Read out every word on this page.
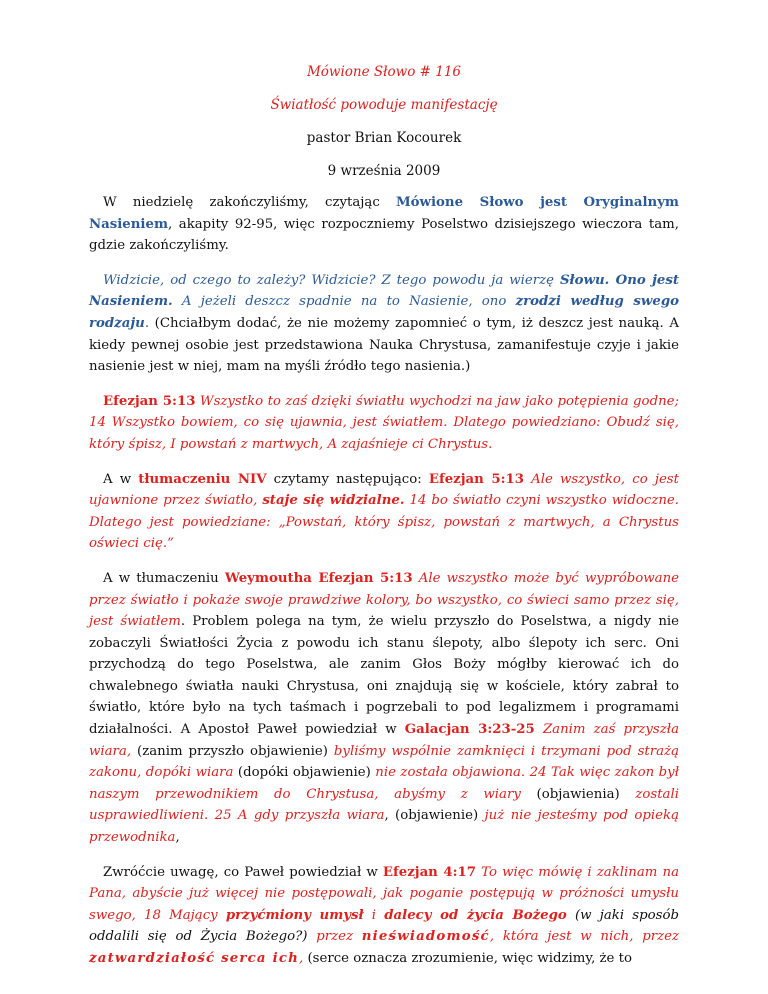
Mówione Słowo # 116

Światłość powoduje manifestację

pastor Brian Kocourek

9 września 2009

W niedzielę zakończyliśmy, czytając Mówione Słowo jest Oryginalnym Nasieniem, akapity 92-95, więc rozpoczniemy Poselstwo dzisiejszego wieczora tam, gdzie zakończyliśmy.

Widzicie, od czego to zależy? Widzicie? Z tego powodu ja wierzę Słowu. Ono jest Nasieniem. A jeżeli deszcz spadnie na to Nasienie, ono zrodzi według swego rodzaju. (Chciałbym dodać, że nie możemy zapomnieć o tym, iż deszcz jest nauką. A kiedy pewnej osobie jest przedstawiona Nauka Chrystusa, zamanifestuje czyje i jakie nasienie jest w niej, mam na myśli źródło tego nasienia.)

Efezjan 5:13 Wszystko to zaś dzięki światłu wychodzi na jaw jako potępienia godne; 14 Wszystko bowiem, co się ujawnia, jest światłem. Dlatego powiedziano: Obudź się, który śpisz, I powstań z martwych, A zajaśnieje ci Chrystus.

A w tłumaczeniu NIV czytamy następująco: Efezjan 5:13 Ale wszystko, co jest ujawnione przez światło, staje się widzialne. 14 bo światło czyni wszystko widoczne. Dlatego jest powiedziane: „Powstań, który śpisz, powstań z martwych, a Chrystus oświeci cię.”

A w tłumaczeniu Weymoutha Efezjan 5:13 Ale wszystko może być wypróbowane przez światło i pokaże swoje prawdziwe kolory, bo wszystko, co świeci samo przez się, jest światłem. Problem polega na tym, że wielu przyszło do Poselstwa, a nigdy nie zobaczyli Światłości Życia z powodu ich stanu ślepoty, albo ślepoty ich serc. Oni przychodzą do tego Poselstwa, ale zanim Głos Boży mógłby kierować ich do chwalebnego światła nauki Chrystusa, oni znajdują się w kościele, który zabrał to światło, które było na tych taśmach i pogrzebali to pod legalizmem i programami działalności. A Apostoł Paweł powiedział w Galacjan 3:23-25 Zanim zaś przyszła wiara, (zanim przyszło objawienie) byliśmy wspólnie zamknięci i trzymani pod strażą zakonu, dopóki wiara (dopóki objawienie) nie została objawiona. 24 Tak więc zakon był naszym przewodnikiem do Chrystusa, abyśmy z wiary (objawienia) zostali usprawiedliwieni. 25 A gdy przyszła wiara, (objawienie) już nie jesteśmy pod opieką przewodnika,

Zwróćcie uwagę, co Paweł powiedział w Efezjan 4:17 To więc mówię i zaklinam na Pana, abyście już więcej nie postępowali, jak poganie postępują w próżności umysłu swego, 18 Mający przyćmiony umysł i dalecy od życia Bożego (w jaki sposób oddalili się od Życia Bożego?) przez nieświadomość, która jest w nich, przez zatwardziałość serca ich, (serce oznacza zrozumienie, więc widzimy, że to
